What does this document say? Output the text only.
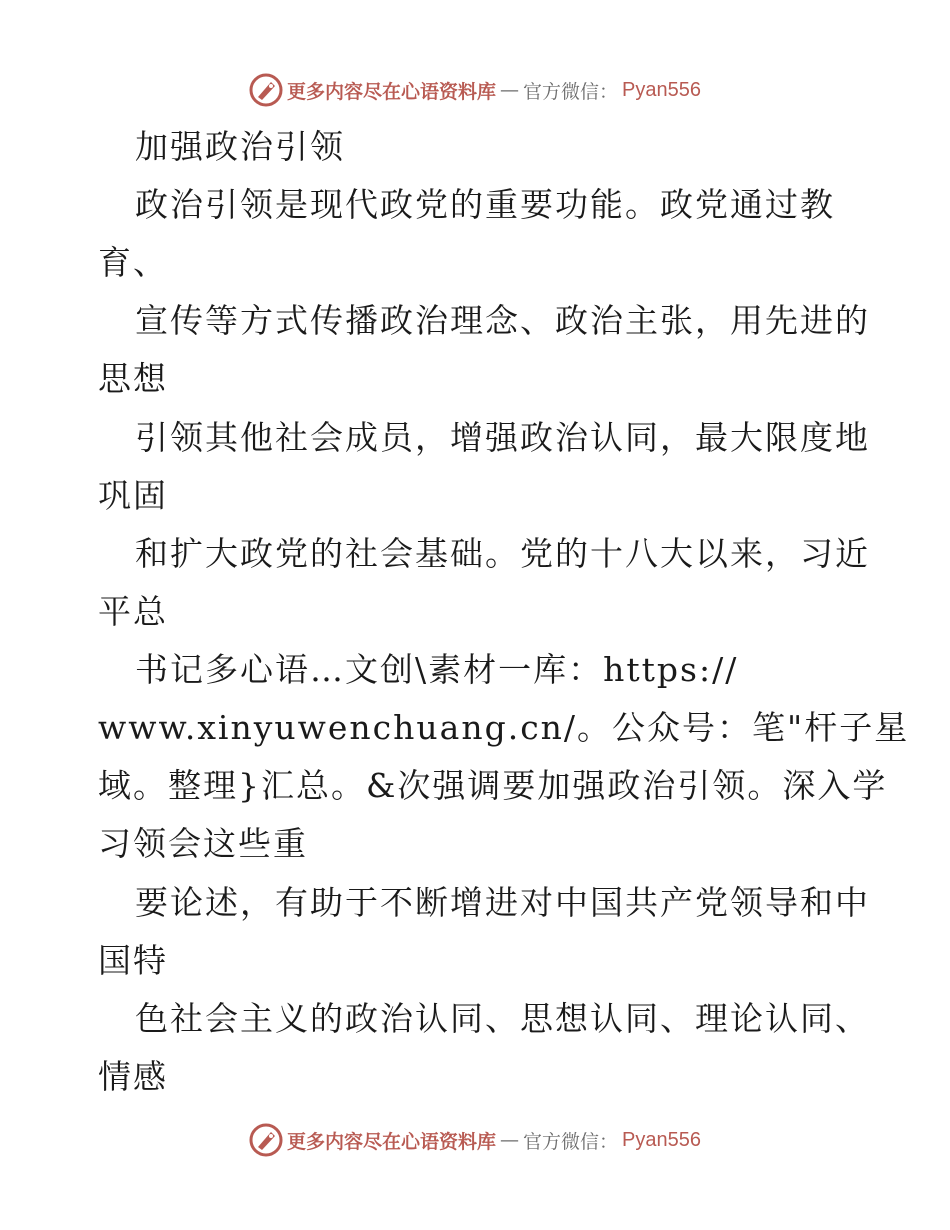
更多内容尽在心语资料库 — 官方微信： Pyan556
加强政治引领
政治引领是现代政党的重要功能。政党通过教
育、
宣传等方式传播政治理念、政治主张，用先进的
思想
引领其他社会成员，增强政治认同，最大限度地
巩固
和扩大政党的社会基础。党的十八大以来，习近
平总
书记多心语…文创\素材一库：https://
www.xinyuwenchuang.cn/。公众号：笔"杆子星
域。整理}汇总。&次强调要加强政治引领。深入学
习领会这些重
要论述，有助于不断增进对中国共产党领导和中
国特
色社会主义的政治认同、思想认同、理论认同、
情感
更多内容尽在心语资料库 — 官方微信： Pyan556
